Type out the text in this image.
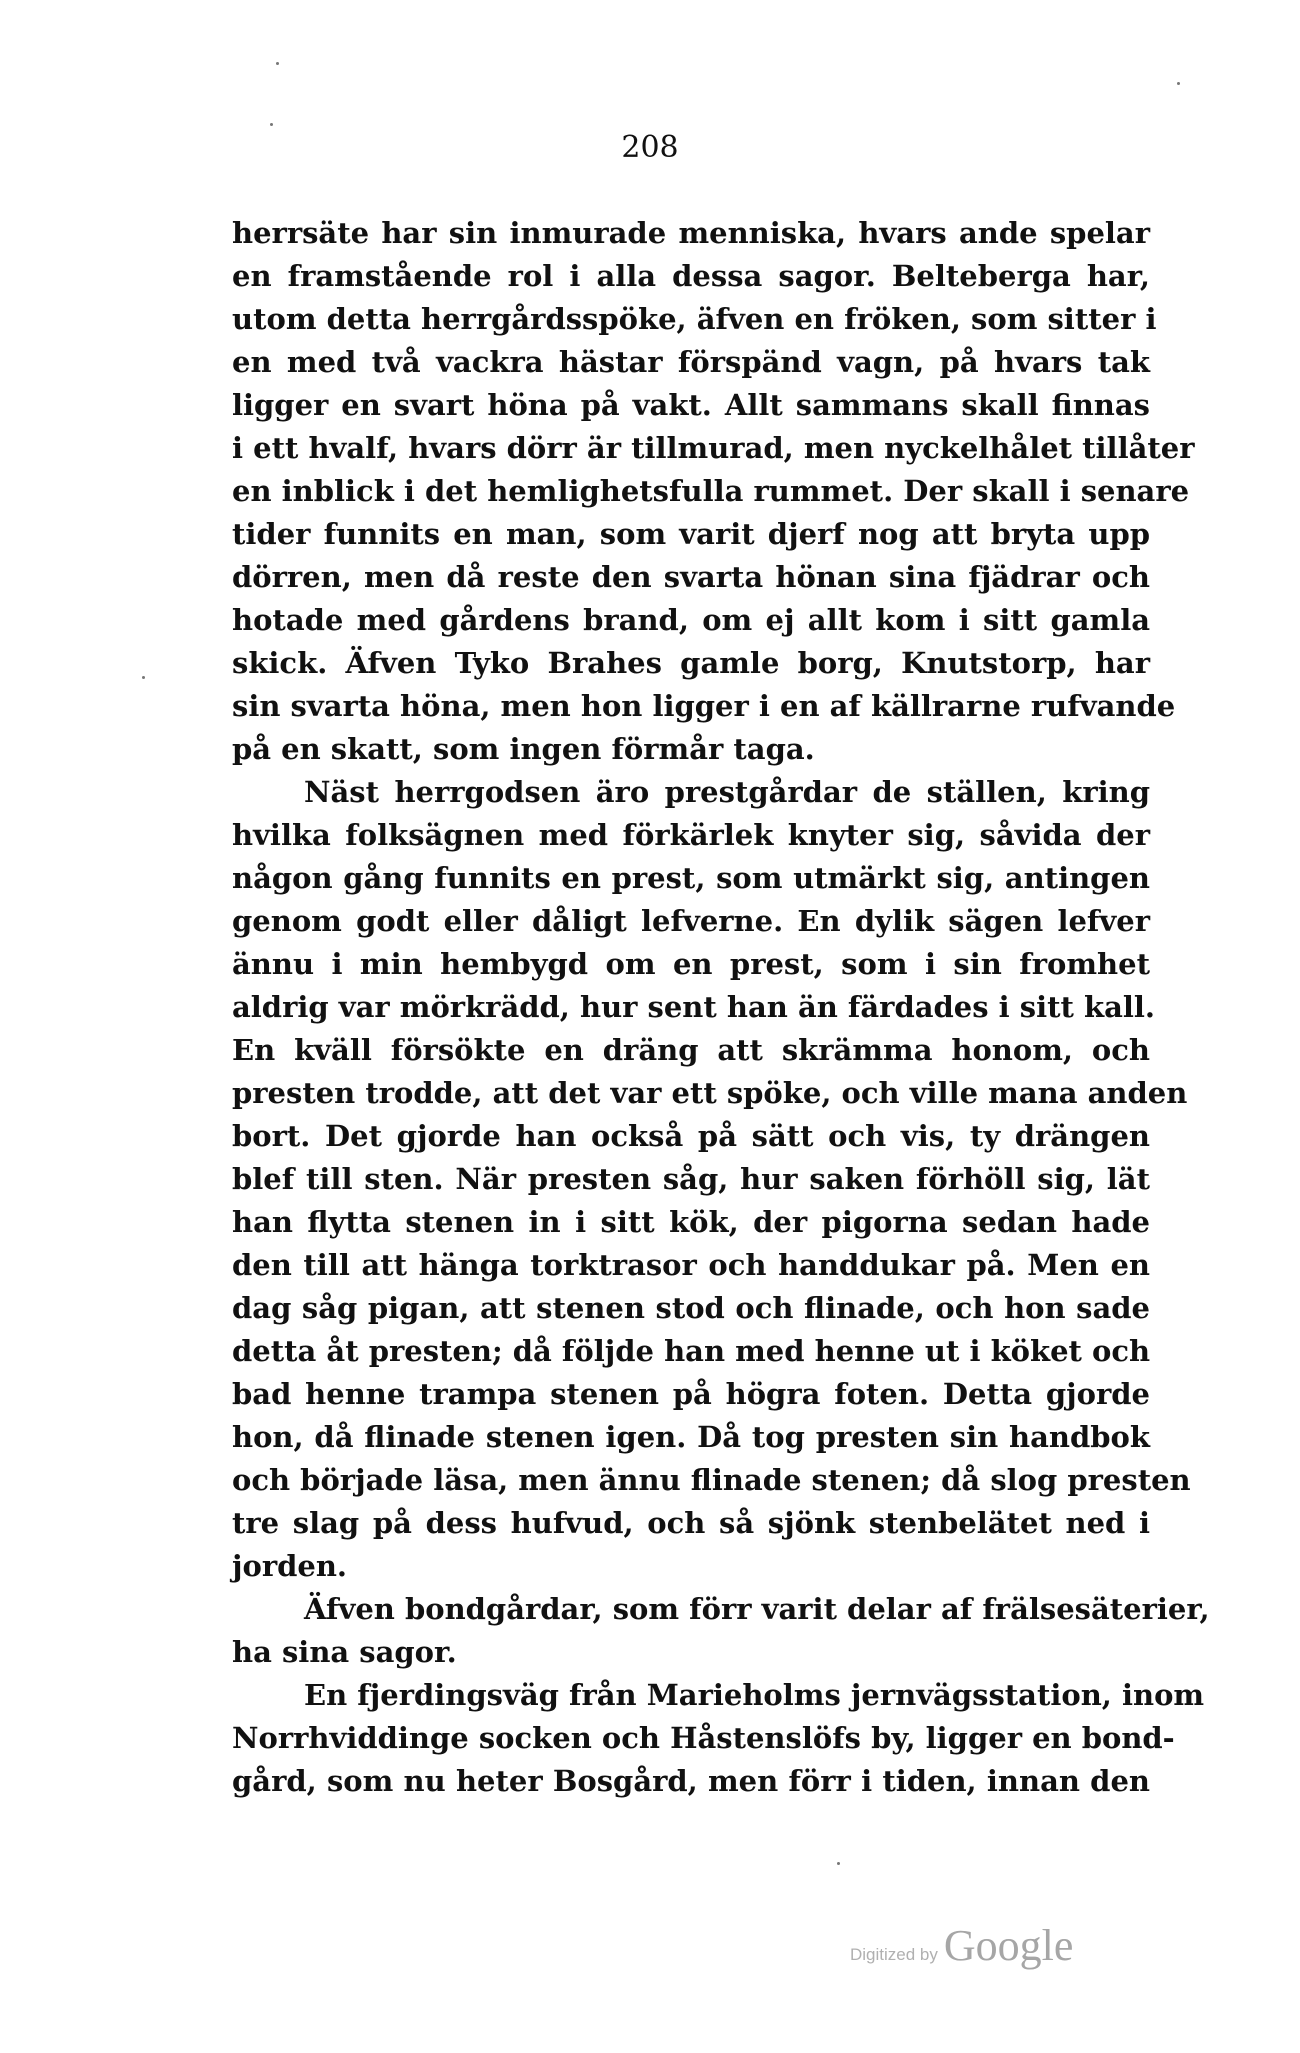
208
herrsäte har sin inmurade menniska, hvars ande spelar
en framstående rol i alla dessa sagor. Belteberga har,
utom detta herrgårdsspöke, äfven en fröken, som sitter i
en med två vackra hästar förspänd vagn, på hvars tak
ligger en svart höna på vakt. Allt sammans skall finnas
i ett hvalf, hvars dörr är tillmurad, men nyckelhålet tillåter
en inblick i det hemlighetsfulla rummet. Der skall i senare
tider funnits en man, som varit djerf nog att bryta upp
dörren, men då reste den svarta hönan sina fjädrar och
hotade med gårdens brand, om ej allt kom i sitt gamla
skick. Äfven Tyko Brahes gamle borg, Knutstorp, har
sin svarta höna, men hon ligger i en af källrarne rufvande
på en skatt, som ingen förmår taga.
Näst herrgodsen äro prestgårdar de ställen, kring
hvilka folksägnen med förkärlek knyter sig, såvida der
någon gång funnits en prest, som utmärkt sig, antingen
genom godt eller dåligt lefverne. En dylik sägen lefver
ännu i min hembygd om en prest, som i sin fromhet
aldrig var mörkrädd, hur sent han än färdades i sitt kall.
En kväll försökte en dräng att skrämma honom, och
presten trodde, att det var ett spöke, och ville mana anden
bort. Det gjorde han också på sätt och vis, ty drängen
blef till sten. När presten såg, hur saken förhöll sig, lät
han flytta stenen in i sitt kök, der pigorna sedan hade
den till att hänga torktrasor och handdukar på. Men en
dag såg pigan, att stenen stod och flinade, och hon sade
detta åt presten; då följde han med henne ut i köket och
bad henne trampa stenen på högra foten. Detta gjorde
hon, då flinade stenen igen. Då tog presten sin handbok
och började läsa, men ännu flinade stenen; då slog presten
tre slag på dess hufvud, och så sjönk stenbelätet ned i
jorden.
Äfven bondgårdar, som förr varit delar af frälsesäterier,
ha sina sagor.
En fjerdingsväg från Marieholms jernvägsstation, inom
Norrhviddinge socken och Håstenslöfs by, ligger en bond-
gård, som nu heter Bosgård, men förr i tiden, innan den
Digitized by Google
